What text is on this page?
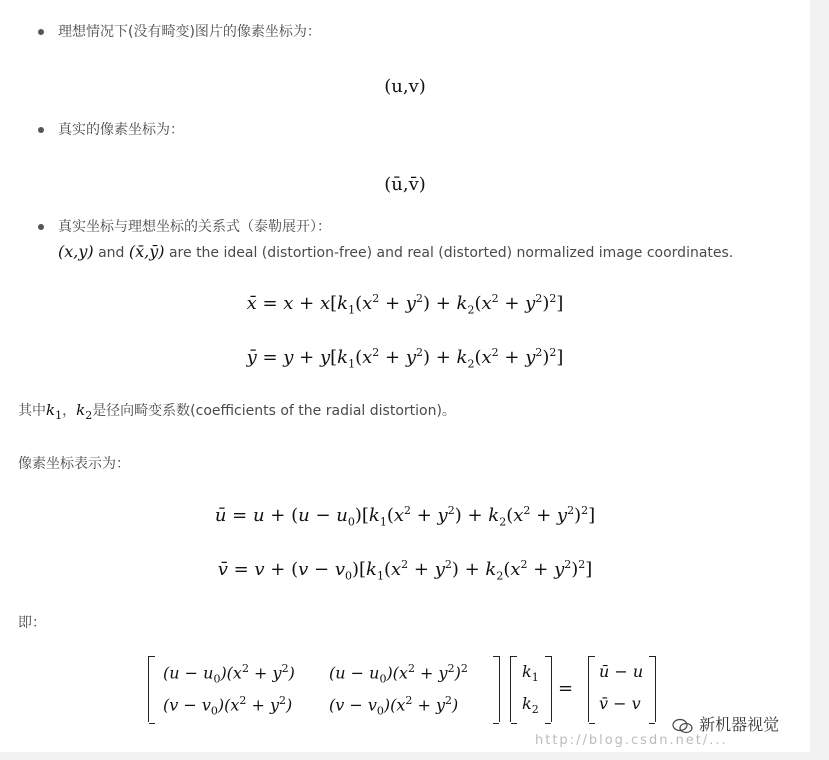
理想情况下(没有畸变)图片的像素坐标为：
(u,v)
真实的像素坐标为：
(ū,v̄)
真实坐标与理想坐标的关系式（泰勒展开）：
(x,y) and (x̄,ȳ) are the ideal (distortion-free) and real (distorted) normalized image coordinates.
x̄ = $x + x[k_1(x^2 + y^2) + k_2(x^2 + y^2)^2]$
ȳ = $y + y[k_1(x^2 + y^2) + k_2(x^2 + y^2)^2]$
其中$k_1$，$k_2$是径向畸变系数(coefficients of the radial distortion)。
像素坐标表示为：
ū = $u + (u - u_0)[k_1(x^2 + y^2) + k_2(x^2 + y^2)^2]$
v̄ = $v + (v - v_0)[k_1(x^2 + y^2) + k_2(x^2 + y^2)^2]$
即：
$(u - u_0)(x^2 + y^2)$ $(u - u_0)(x^2 + y^2)^2$
$(v - v_0)(x^2 + y^2)$ $(v - v_0)(x^2 + y^2)$
$k_1$
$k_2$
=
ū − u
v̄ − v
http://blog.csdn.net/...
新机器视觉
